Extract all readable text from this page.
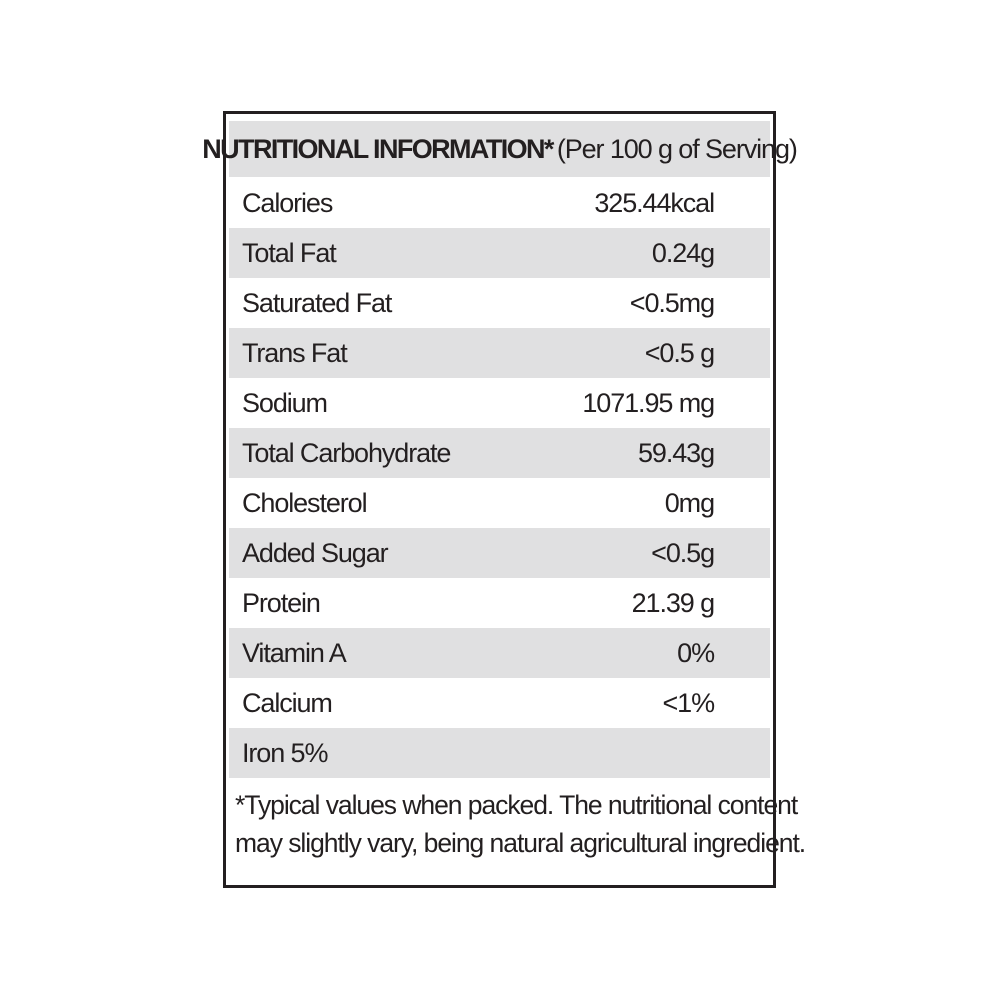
NUTRITIONAL INFORMATION* (Per 100 g of Serving)
Calories	325.44kcal
Total Fat	0.24g
Saturated Fat	<0.5mg
Trans Fat	<0.5 g
Sodium	1071.95 mg
Total Carbohydrate	59.43g
Cholesterol	0mg
Added Sugar	<0.5g
Protein	21.39 g
Vitamin A	0%
Calcium	<1%
Iron 5%
*Typical values when packed. The nutritional content
may slightly vary, being natural agricultural ingredient.
